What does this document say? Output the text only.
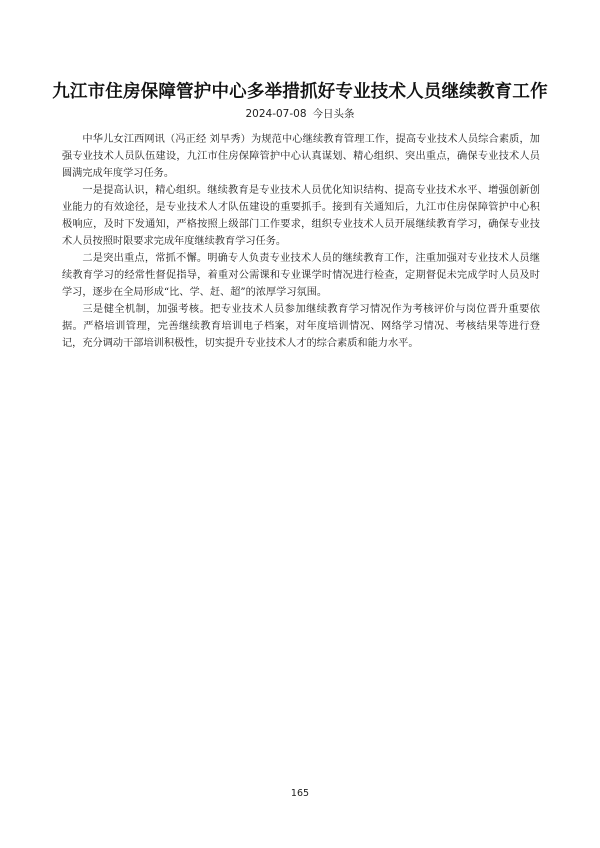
九江市住房保障管护中心多举措抓好专业技术人员继续教育工作
2024-07-08 今日头条

中华儿女江西网讯（冯正经 刘早秀）为规范中心继续教育管理工作，提高专业技术人员综合素质，加强专业技术人员队伍建设，九江市住房保障管护中心认真谋划、精心组织、突出重点，确保专业技术人员圆满完成年度学习任务。

一是提高认识，精心组织。继续教育是专业技术人员优化知识结构、提高专业技术水平、增强创新创业能力的有效途径，是专业技术人才队伍建设的重要抓手。接到有关通知后，九江市住房保障管护中心积极响应，及时下发通知，严格按照上级部门工作要求，组织专业技术人员开展继续教育学习，确保专业技术人员按照时限要求完成年度继续教育学习任务。

二是突出重点，常抓不懈。明确专人负责专业技术人员的继续教育工作，注重加强对专业技术人员继续教育学习的经常性督促指导，着重对公需课和专业课学时情况进行检查，定期督促未完成学时人员及时学习，逐步在全局形成“比、学、赶、超”的浓厚学习氛围。

三是健全机制，加强考核。把专业技术人员参加继续教育学习情况作为考核评价与岗位晋升重要依据。严格培训管理，完善继续教育培训电子档案，对年度培训情况、网络学习情况、考核结果等进行登记，充分调动干部培训积极性，切实提升专业技术人才的综合素质和能力水平。

165
